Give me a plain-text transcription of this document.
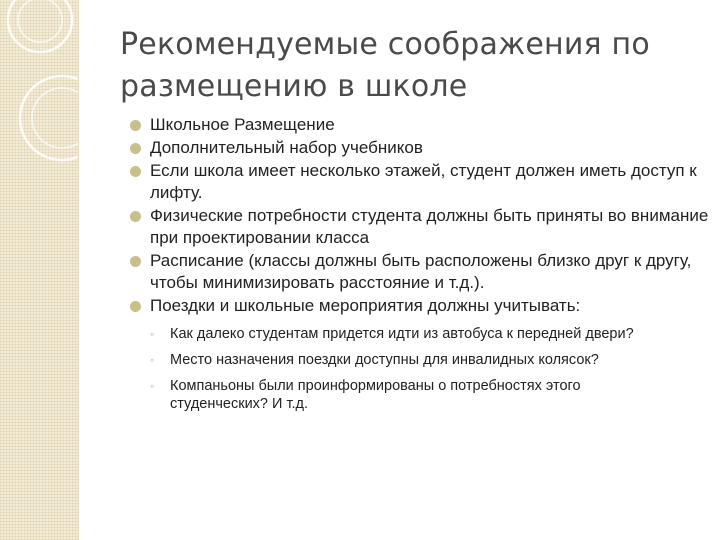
Рекомендуемые соображения по
размещению в школе
Школьное Размещение
Дополнительный набор учебников
Если школа имеет несколько этажей, студент должен иметь доступ к лифту.
Физические потребности студента должны быть приняты во внимание при проектировании класса
Расписание (классы должны быть расположены близко друг к другу, чтобы минимизировать расстояние и т.д.).
Поездки и школьные мероприятия должны учитывать:
◦ Как далеко студентам придется идти из автобуса к передней двери?
◦ Место назначения поездки доступны для инвалидных колясок?
◦ Компаньоны были проинформированы о потребностях этого студенческих? И т.д.
